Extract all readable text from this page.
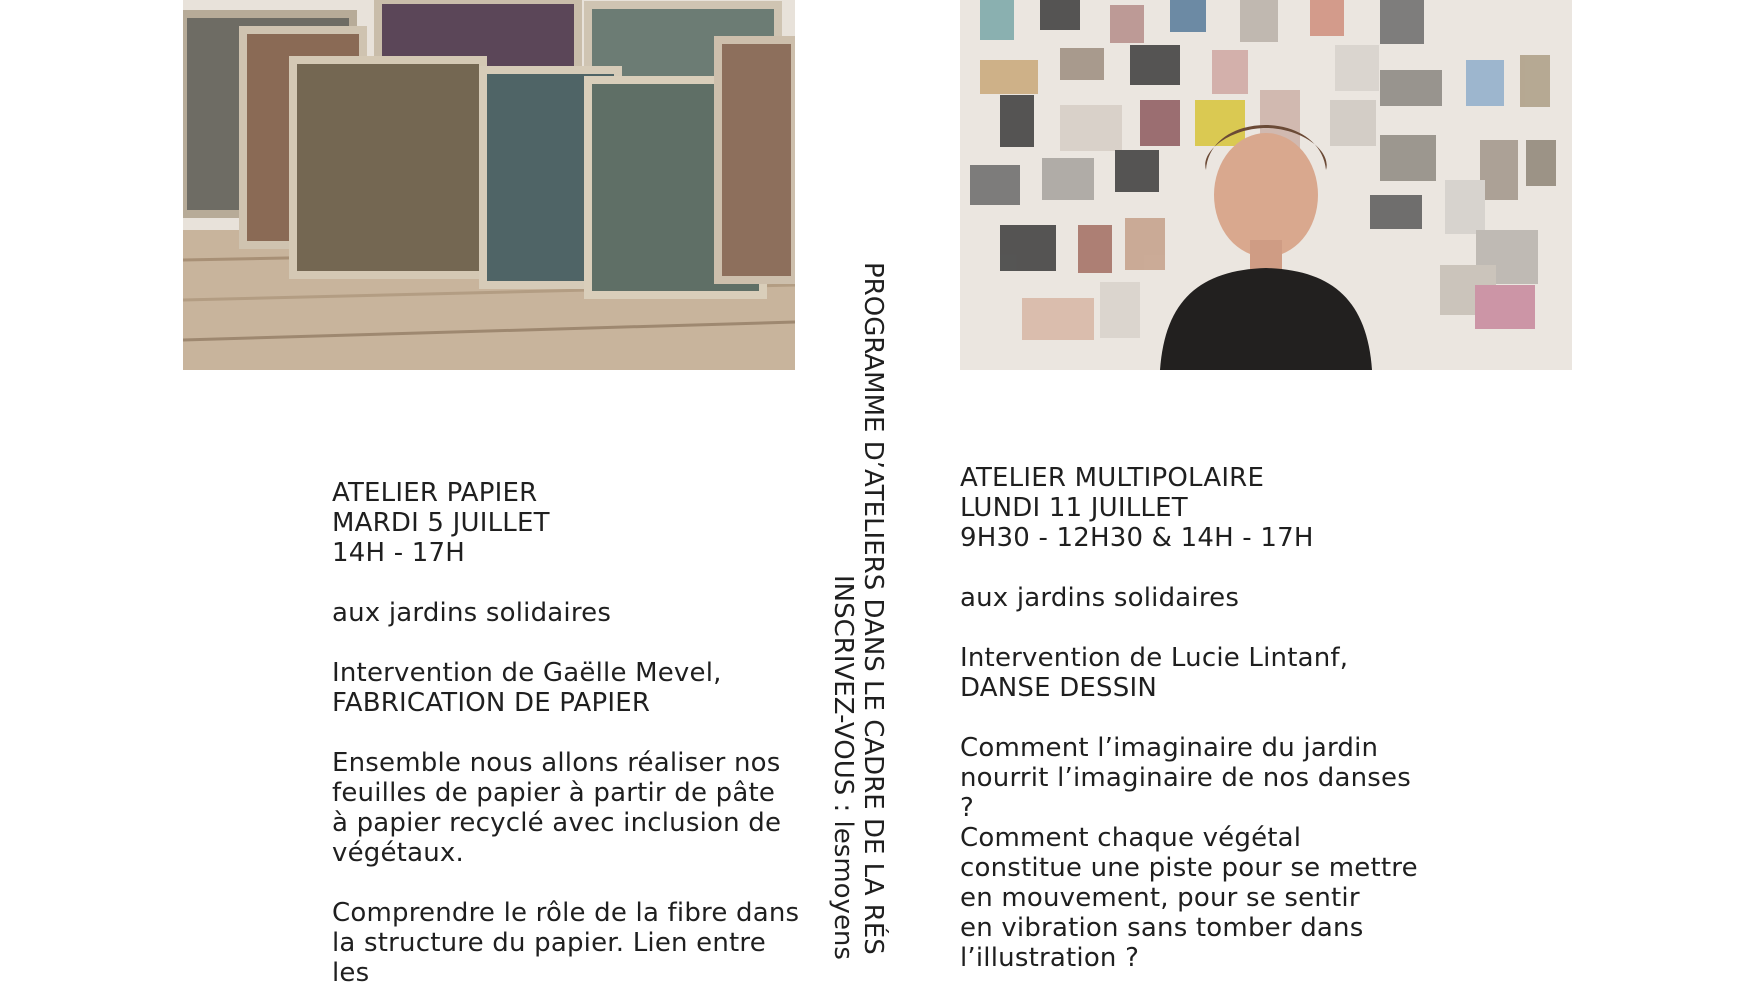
ATELIER PAPIER

MARDI 5 JUILLET

14H - 17H

aux jardins solidaires

Intervention de Gaëlle Mevel,

FABRICATION DE PAPIER

Ensemble nous allons réaliser nos

feuilles de papier à partir de pâte

à papier recyclé avec inclusion de

végétaux.

Comprendre le rôle de la fibre dans

la structure du papier. Lien entre les

ATELIER MULTIPOLAIRE

LUNDI 11 JUILLET

9H30 - 12H30 & 14H - 17H

aux jardins solidaires

Intervention de Lucie Lintanf,

DANSE DESSIN

Comment l’imaginaire du jardin

nourrit l’imaginaire de nos danses ?

Comment chaque végétal

constitue une piste pour se mettre

en mouvement, pour se sentir

en vibration sans tomber dans

l’illustration ?

PROGRAMME D’ATELIERS DANS LE CADRE DE LA RÉS
INSCRIVEZ-VOUS : lesmoyens
